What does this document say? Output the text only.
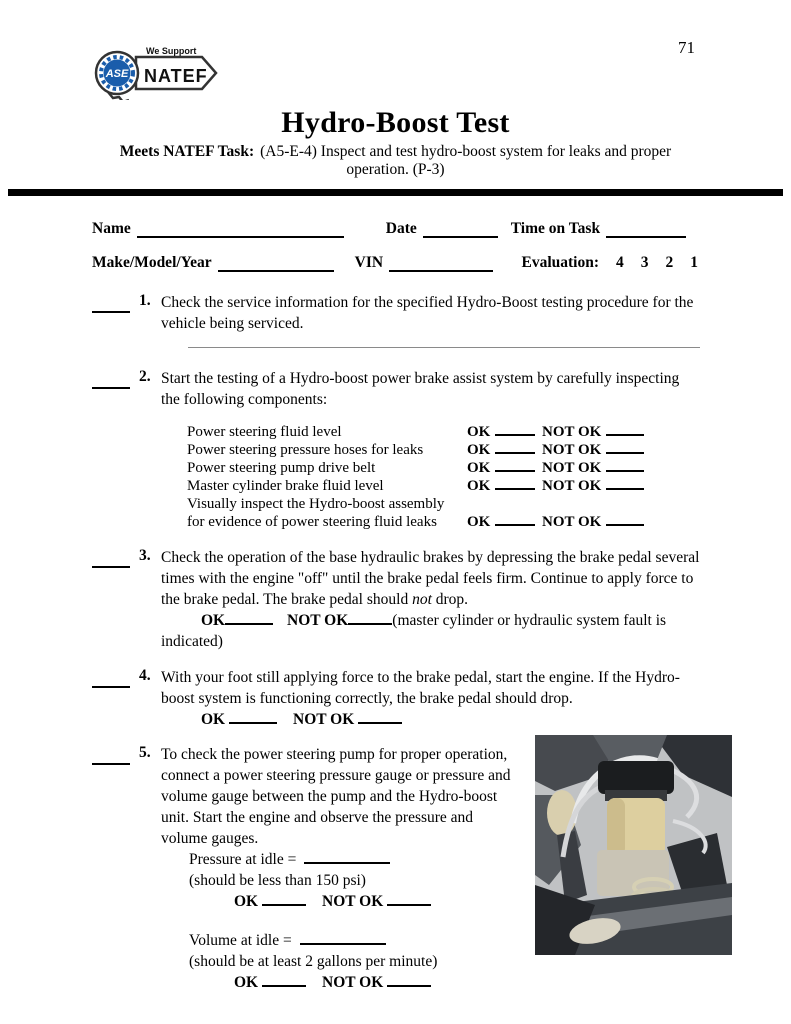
71
ASE
We Support
NATEF
Hydro-Boost Test
Meets NATEF Task: (A5-E-4) Inspect and test hydro-boost system for leaks and proper
operation. (P-3)
Name	Date	Time on Task
Make/Model/Year	VIN	Evaluation: 4 3 2 1
1. Check the service information for the specified Hydro-Boost testing procedure for the vehicle being serviced.
2. Start the testing of a Hydro-boost power brake assist system by carefully inspecting the following components:
Power steering fluid level	OK	NOT OK
Power steering pressure hoses for leaks	OK	NOT OK
Power steering pump drive belt	OK	NOT OK
Master cylinder brake fluid level	OK	NOT OK
Visually inspect the Hydro-boost assembly
for evidence of power steering fluid leaks	OK	NOT OK
3. Check the operation of the base hydraulic brakes by depressing the brake pedal several times with the engine "off" until the brake pedal feels firm. Continue to apply force to the brake pedal. The brake pedal should not drop.
OK	NOT OK	(master cylinder or hydraulic system fault is indicated)
4. With your foot still applying force to the brake pedal, start the engine. If the Hydro-boost system is functioning correctly, the brake pedal should drop.
OK	NOT OK
5. To check the power steering pump for proper operation, connect a power steering pressure gauge or pressure and volume gauge between the pump and the Hydro-boost unit. Start the engine and observe the pressure and volume gauges.
Pressure at idle =
(should be less than 150 psi)
OK	NOT OK
Volume at idle =
(should be at least 2 gallons per minute)
OK	NOT OK
